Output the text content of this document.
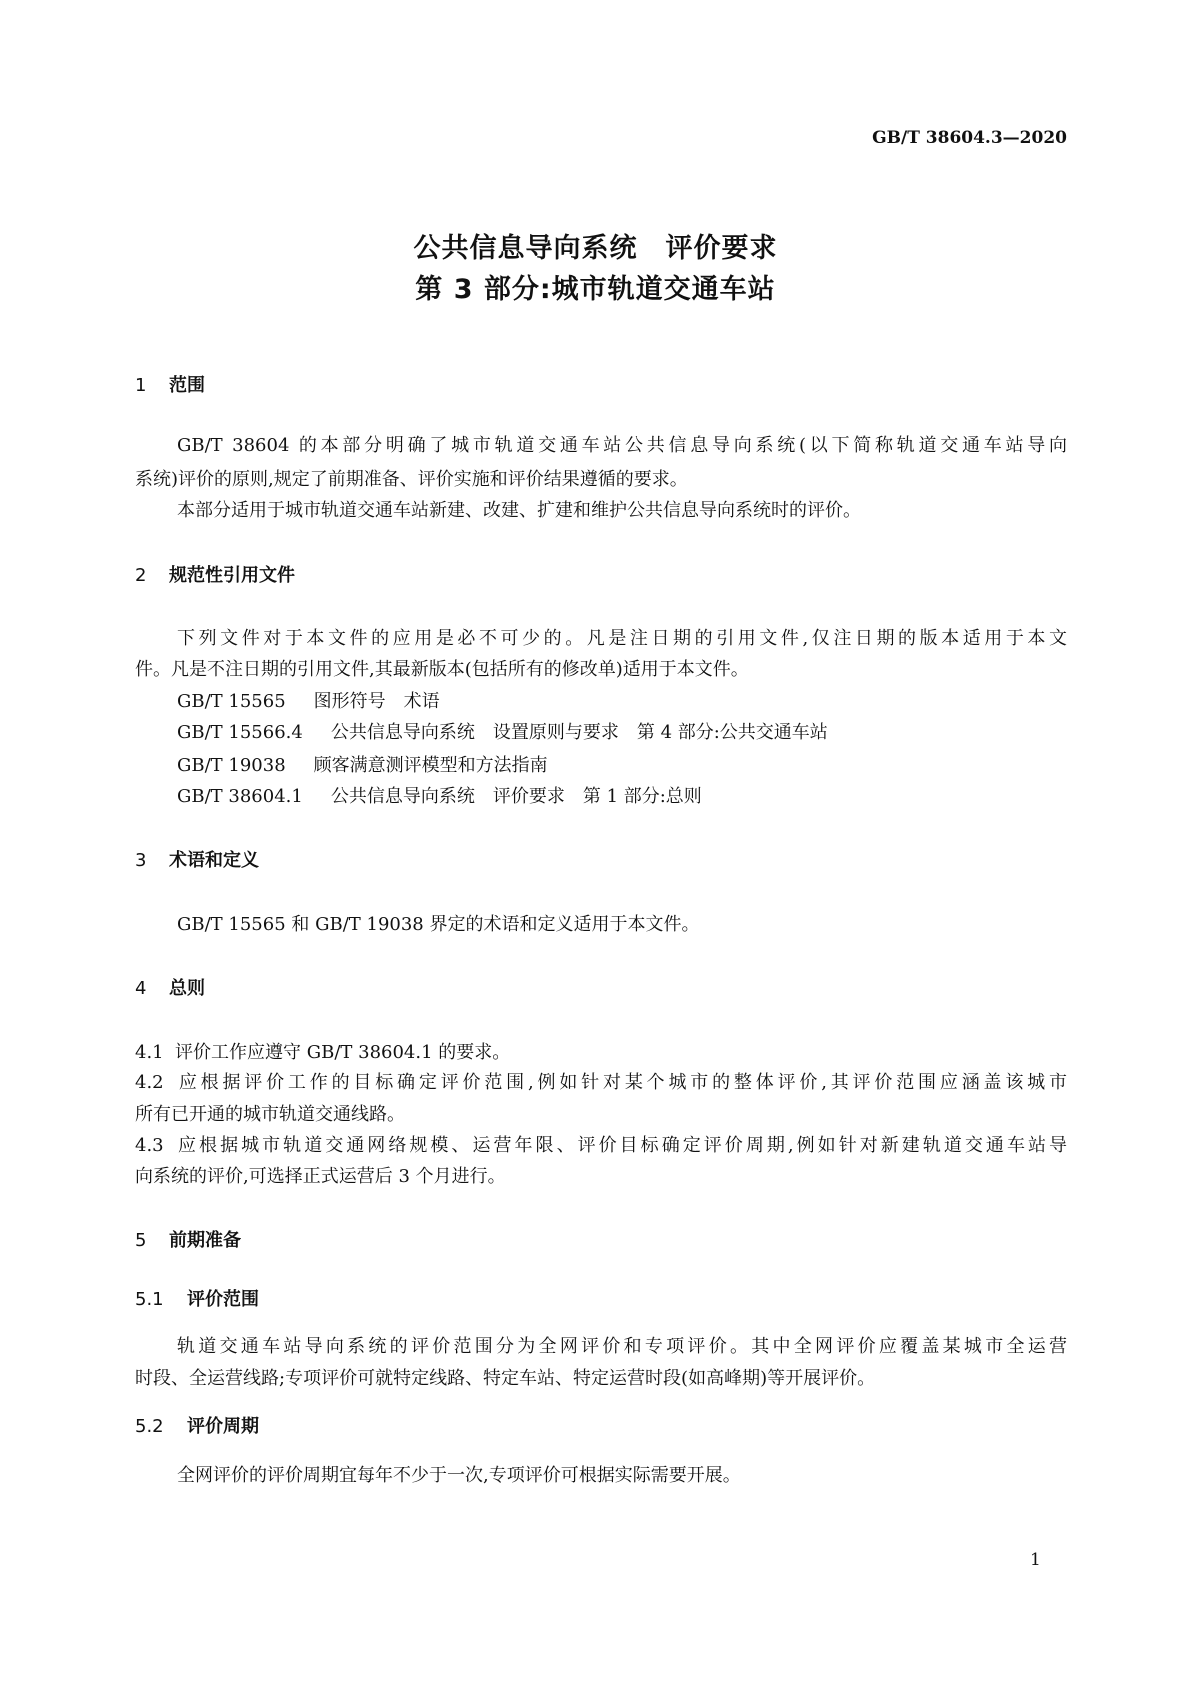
GB/T 38604.3—2020
公共信息导向系统 评价要求
第 3 部分:城市轨道交通车站
1 范围
GB/T 38604 的本部分明确了城市轨道交通车站公共信息导向系统(以下简称轨道交通车站导向
系统)评价的原则,规定了前期准备、评价实施和评价结果遵循的要求。
本部分适用于城市轨道交通车站新建、改建、扩建和维护公共信息导向系统时的评价。
2 规范性引用文件
下列文件对于本文件的应用是必不可少的。凡是注日期的引用文件,仅注日期的版本适用于本文
件。凡是不注日期的引用文件,其最新版本(包括所有的修改单)适用于本文件。
GB/T 15565 图形符号　术语
GB/T 15566.4 公共信息导向系统　设置原则与要求　第 4 部分:公共交通车站
GB/T 19038 顾客满意测评模型和方法指南
GB/T 38604.1 公共信息导向系统　评价要求　第 1 部分:总则
3 术语和定义
GB/T 15565 和 GB/T 19038 界定的术语和定义适用于本文件。
4 总则
4.1 评价工作应遵守 GB/T 38604.1 的要求。
4.2 应根据评价工作的目标确定评价范围,例如针对某个城市的整体评价,其评价范围应涵盖该城市
所有已开通的城市轨道交通线路。
4.3 应根据城市轨道交通网络规模、运营年限、评价目标确定评价周期,例如针对新建轨道交通车站导
向系统的评价,可选择正式运营后 3 个月进行。
5 前期准备
5.1 评价范围
轨道交通车站导向系统的评价范围分为全网评价和专项评价。其中全网评价应覆盖某城市全运营
时段、全运营线路;专项评价可就特定线路、特定车站、特定运营时段(如高峰期)等开展评价。
5.2 评价周期
全网评价的评价周期宜每年不少于一次,专项评价可根据实际需要开展。
1
